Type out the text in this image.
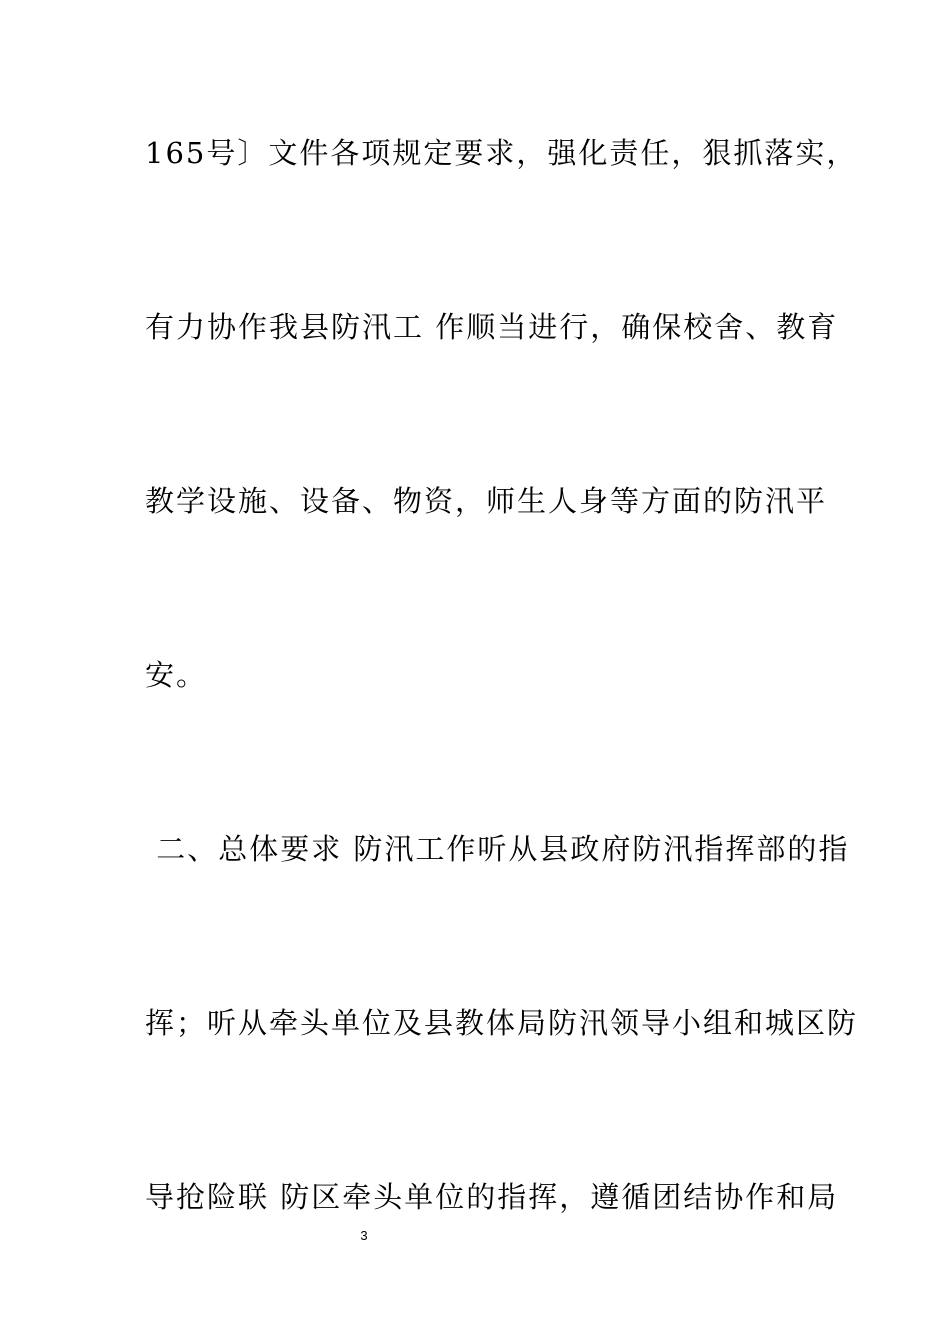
165号〕文件各项规定要求，强化责任，狠抓落实，
有力协作我县防汛工 作顺当进行，确保校舍、教育
教学设施、设备、物资，师生人身等方面的防汛平
安。
二、总体要求 防汛工作听从县政府防汛指挥部的指
挥；听从牵头单位及县教体局防汛领导小组和城区防
导抢险联 防区牵头单位的指挥，遵循团结协作和局
3
